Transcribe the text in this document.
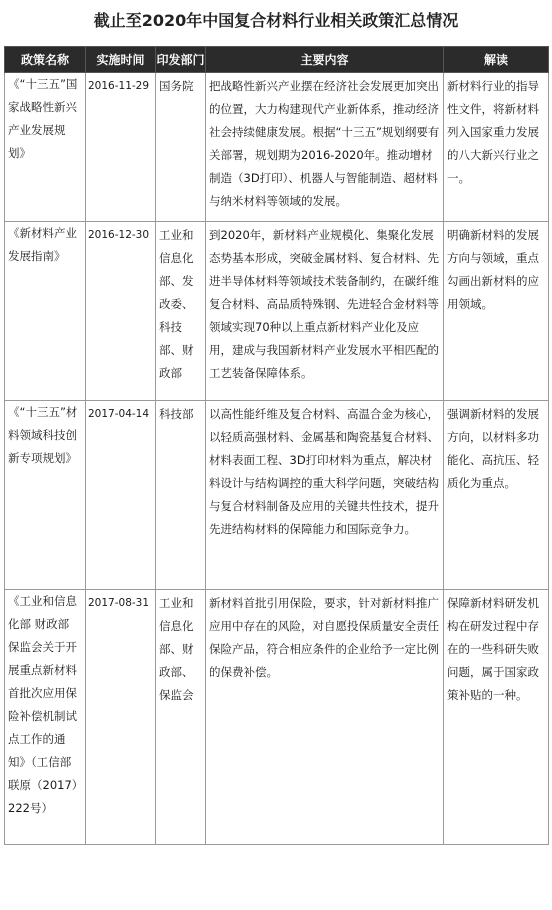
截止至2020年中国复合材料行业相关政策汇总情况
政策名称	实施时间	印发部门	主要内容	解读

《“十三五”国家战略性新兴产业发展规划》	2016-11-29	国务院	把战略性新兴产业摆在经济社会发展更加突出的位置，大力构建现代产业新体系，推动经济社会持续健康发展。根据“十三五”规划纲要有关部署，规划期为2016-2020年。推动增材制造（3D打印）、机器人与智能制造、超材料与纳米材料等领域的发展。	新材料行业的指导性文件，将新材料列入国家重力发展的八大新兴行业之一。

《新材料产业发展指南》	2016-12-30	工业和信息化部、发改委、科技部、财政部	到2020年，新材料产业规模化、集聚化发展态势基本形成，突破金属材料、复合材料、先进半导体材料等领域技术装备制约，在碳纤维复合材料、高品质特殊钢、先进轻合金材料等领域实现70种以上重点新材料产业化及应用，建成与我国新材料产业发展水平相匹配的工艺装备保障体系。	明确新材料的发展方向与领域，重点勾画出新材料的应用领域。

《“十三五”材料领域科技创新专项规划》	2017-04-14	科技部	以高性能纤维及复合材料、高温合金为核心，以轻质高强材料、金属基和陶瓷基复合材料、材料表面工程、3D打印材料为重点，解决材料设计与结构调控的重大科学问题，突破结构与复合材料制备及应用的关键共性技术，提升先进结构材料的保障能力和国际竞争力。	强调新材料的发展方向，以材料多功能化、高抗压、轻质化为重点。

《工业和信息化部 财政部 保监会关于开展重点新材料首批次应用保险补偿机制试点工作的通知》（工信部联原（2017）222号）	2017-08-31	工业和信息化部、财政部、保监会	新材料首批引用保险，要求，针对新材料推广应用中存在的风险，对自愿投保质量安全责任保险产品，符合相应条件的企业给予一定比例的保费补偿。	保障新材料研发机构在研发过程中存在的一些科研失败问题，属于国家政策补贴的一种。
